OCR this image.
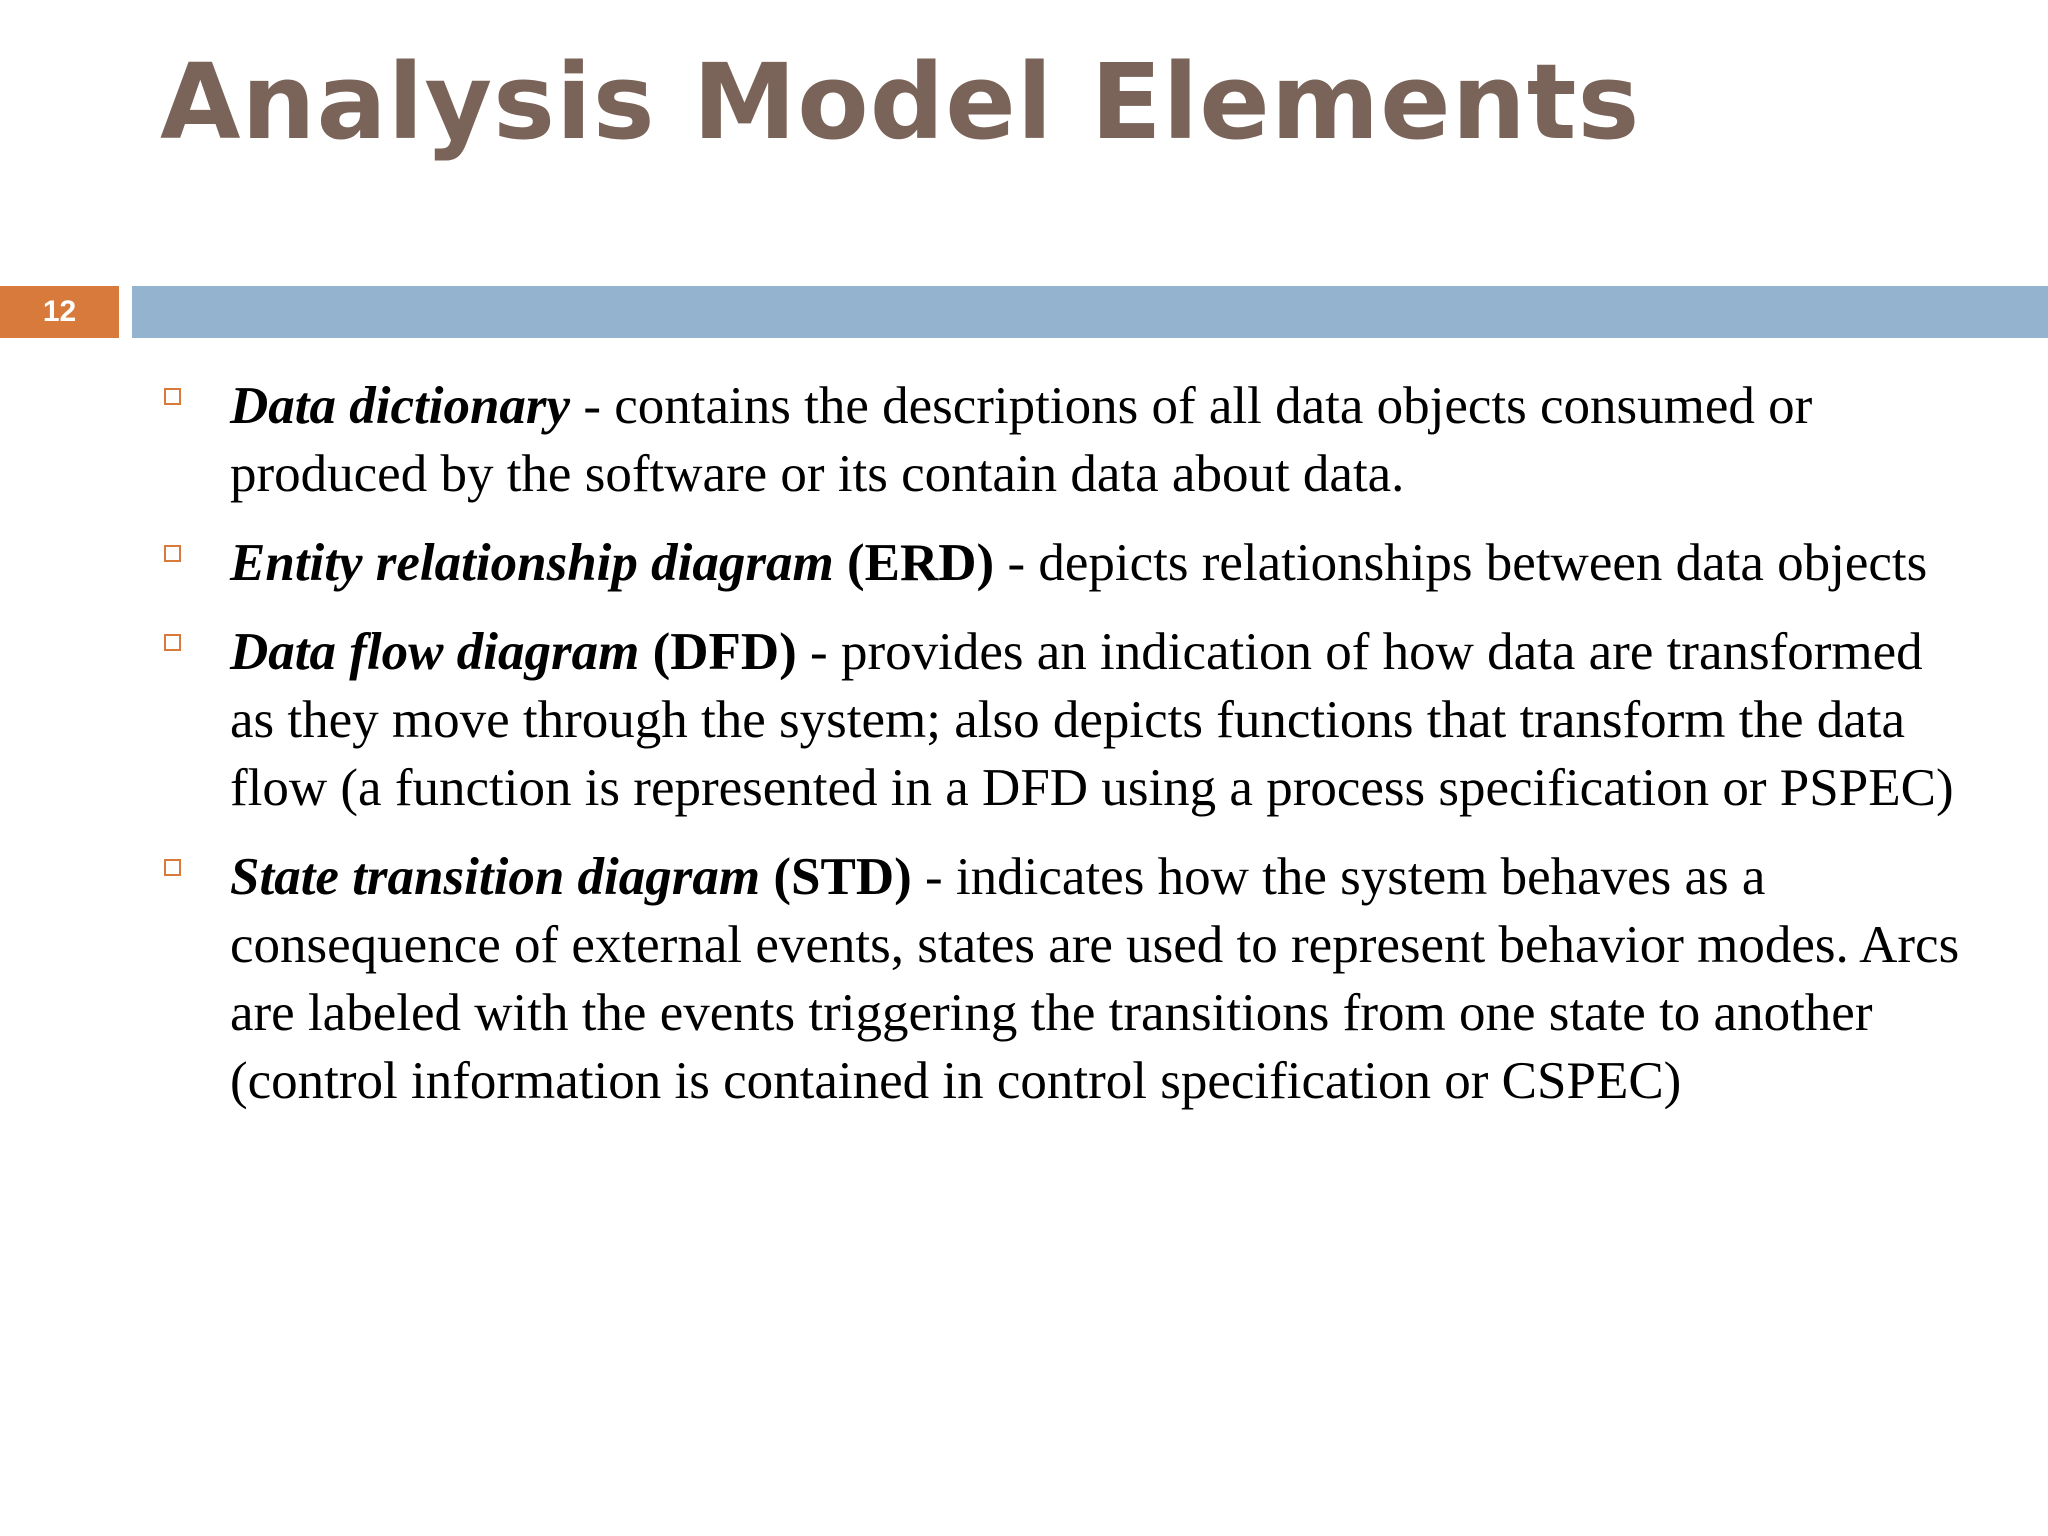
Analysis Model Elements
12
Data dictionary - contains the descriptions of all data objects consumed or produced by the software or its contain data about data.
Entity relationship diagram (ERD) - depicts relationships between data objects
Data flow diagram (DFD) - provides an indication of how data are transformed as they move through the system; also depicts functions that transform the data flow (a function is represented in a DFD using a process specification or PSPEC)
State transition diagram (STD) - indicates how the system behaves as a consequence of external events, states are used to represent behavior modes. Arcs are labeled with the events triggering the transitions from one state to another (control information is contained in control specification or CSPEC)
